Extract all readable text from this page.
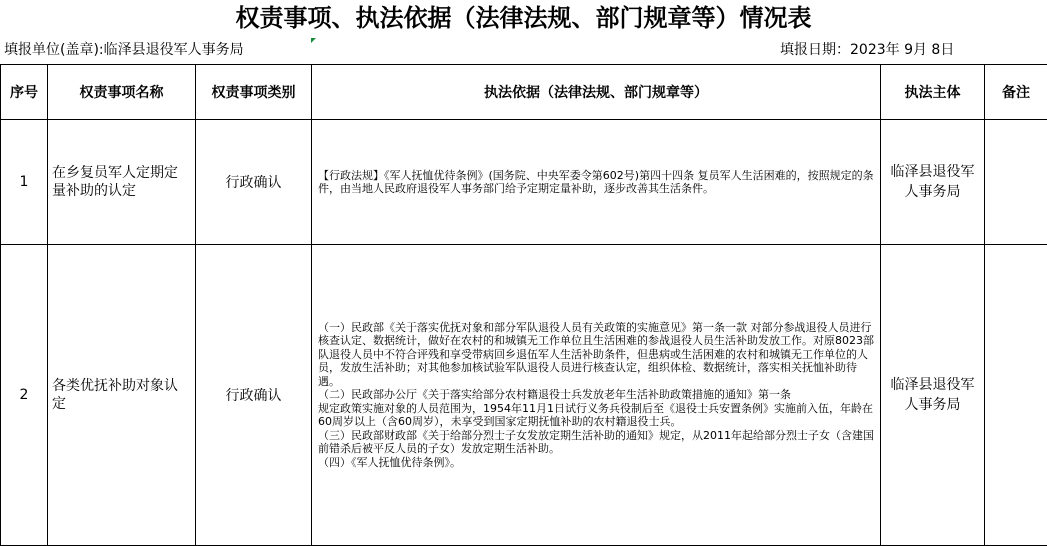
权责事项、执法依据（法律法规、部门规章等）情况表
填报单位(盖章):临泽县退役军人事务局	填报日期：2023年 9月 8日
序号	权责事项名称	权责事项类别	执法依据（法律法规、部门规章等）	执法主体	备注
1	在乡复员军人定期定量补助的认定	行政确认	【行政法规】《军人抚恤优待条例》(国务院、中央军委令第602号)第四十四条 复员军人生活困难的，按照规定的条件，由当地人民政府退役军人事务部门给予定期定量补助，逐步改善其生活条件。	临泽县退役军人事务局	
2	各类优抚补助对象认定	行政确认	（一）民政部《关于落实优抚对象和部分军队退役人员有关政策的实施意见》第一条一款 对部分参战退役人员进行核查认定、数据统计，做好在农村的和城镇无工作单位且生活困难的参战退役人员生活补助发放工作。对原8023部队退役人员中不符合评残和享受带病回乡退伍军人生活补助条件，但患病或生活困难的农村和城镇无工作单位的人员，发放生活补助；对其他参加核试验军队退役人员进行核查认定，组织体检、数据统计，落实相关抚恤补助待遇。

（二）民政部办公厅《关于落实给部分农村籍退役士兵发放老年生活补助政策措施的通知》第一条
规定政策实施对象的人员范围为，1954年11月1日试行义务兵役制后至《退役士兵安置条例》实施前入伍，年龄在60周岁以上（含60周岁），未享受到国家定期抚恤补助的农村籍退役士兵。

（三）民政部财政部《关于给部分烈士子女发放定期生活补助的通知》规定，从2011年起给部分烈士子女（含建国前错杀后被平反人员的子女）发放定期生活补助。

（四）《军人抚恤优待条例》。	临泽县退役军人事务局	
